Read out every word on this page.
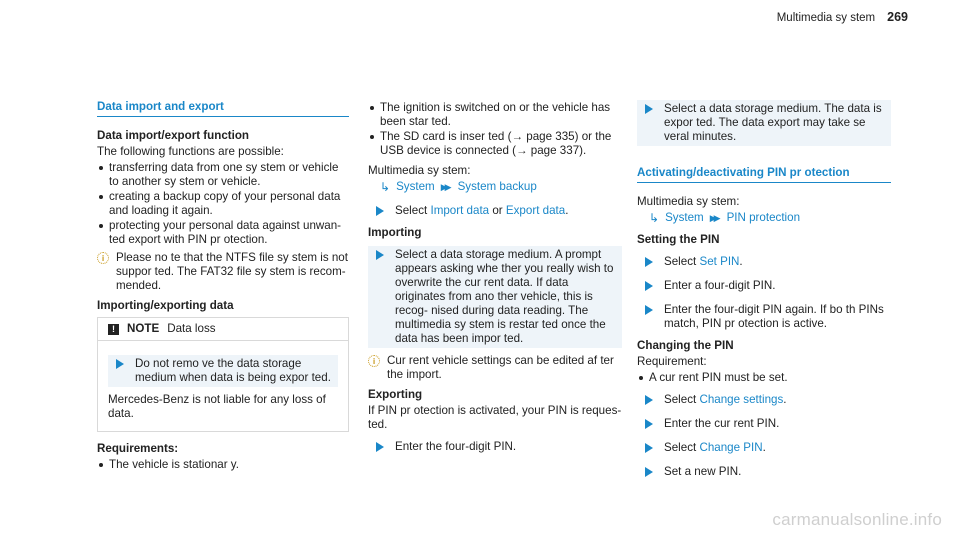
Multimedia sy stem 269
Data import and export
Data import/export function
The following functions are possible:
transferring data from one sy stem or vehicle to another sy stem or vehicle.
creating a backup copy of your personal data and loading it again.
protecting your personal data against unwan‐ ted export with PIN pr otection.
i	Please no te that the NTFS file sy stem is not suppor ted. The FAT32 file sy stem is recom‐ mended.
Importing/exporting data
!	NOTE Data loss
Do not remo ve the data storage medium when data is being expor ted.
Mercedes-Benz is not liable for any loss of data.
Requirements:
The vehicle is stationar y.
The ignition is switched on or the vehicle has been star ted.
The SD card is inser ted (→ page 335) or the USB device is connected (→ page 337).
Multimedia sy stem:
↳ System ▶▶ System backup
Select Import data or Export data.
Importing
Select a data storage medium. A prompt appears asking whe ther you really wish to overwrite the cur rent data. If data originates from ano ther vehicle, this is recog‐ nised during data reading. The multimedia sy stem is restar ted once the data has been impor ted.
i	Cur rent vehicle settings can be edited af ter the import.
Exporting
If PIN pr otection is activated, your PIN is reques‐ ted.
Enter the four-digit PIN.
Select a data storage medium. The data is expor ted. The data export may take se veral minutes.
Activating/deactivating PIN pr otection
Multimedia sy stem:
↳ System ▶▶ PIN protection
Setting the PIN
Select Set PIN.
Enter a four-digit PIN.
Enter the four-digit PIN again. If bo th PINs match, PIN pr otection is active.
Changing the PIN
Requirement:
A cur rent PIN must be set.
Select Change settings.
Enter the cur rent PIN.
Select Change PIN.
Set a new PIN.
carmanualsonline.info
